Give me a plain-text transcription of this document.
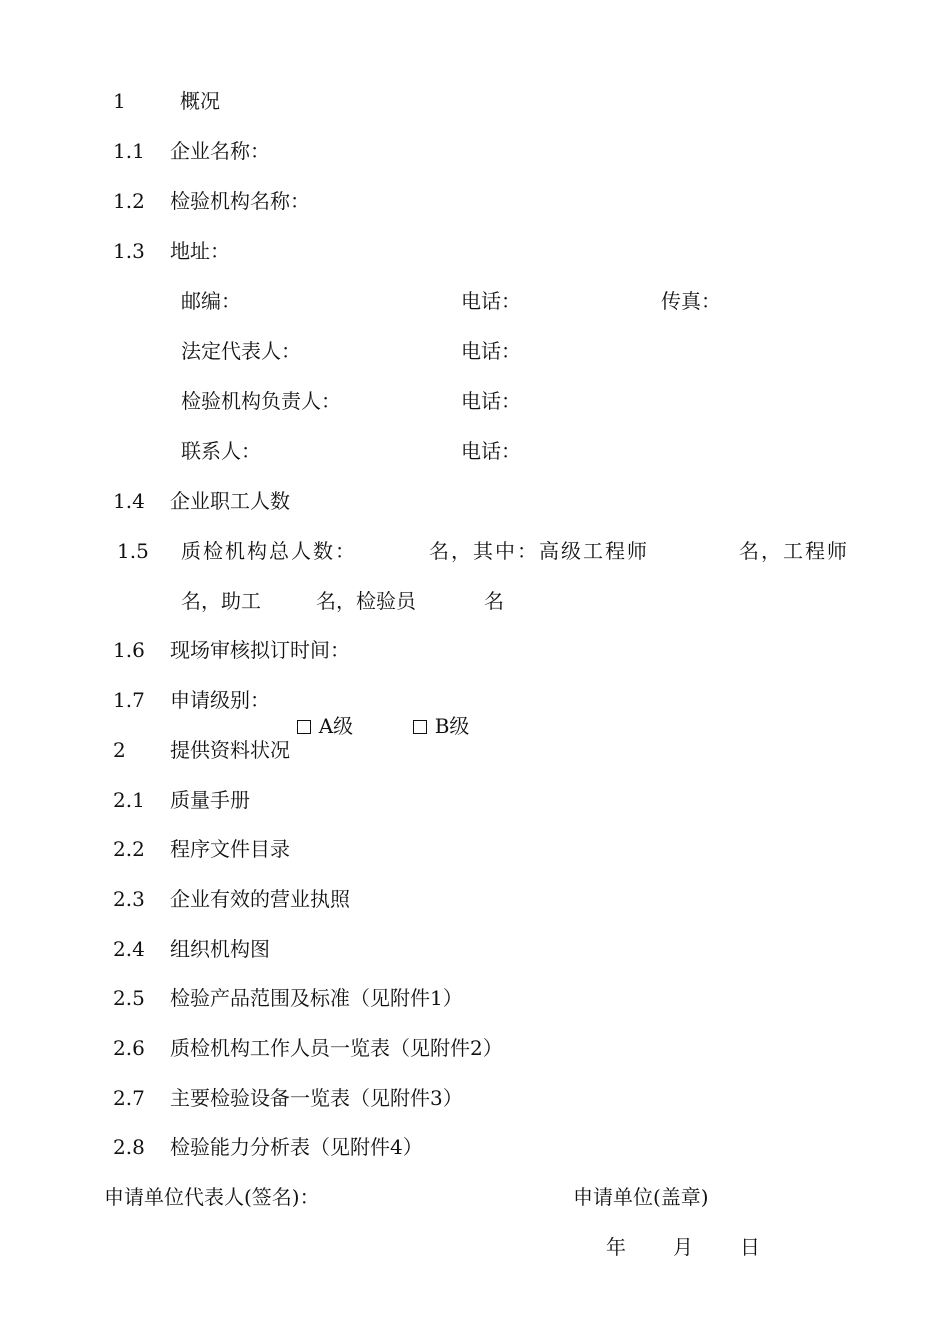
1	概况
1.1 企业名称：
1.2 检验机构名称：
1.3 地址：
邮编：	电话：	传真：
法定代表人：	电话：
检验机构负责人：	电话：
联系人：	电话：
1.4 企业职工人数
1.5 质检机构总人数：	名，其中：高级工程师	名，工程师
名，助工	名，检验员	名
1.6 现场审核拟订时间：
1.7 申请级别：

A级	B级

2 提供资料状况
2.1 质量手册
2.2 程序文件目录
2.3 企业有效的营业执照
2.4 组织机构图
2.5 检验产品范围及标准（见附件1）
2.6 质检机构工作人员一览表（见附件2）
2.7 主要检验设备一览表（见附件3）
2.8 检验能力分析表（见附件4）
申请单位代表人(签名)：	申请单位(盖章)
年 月 日
